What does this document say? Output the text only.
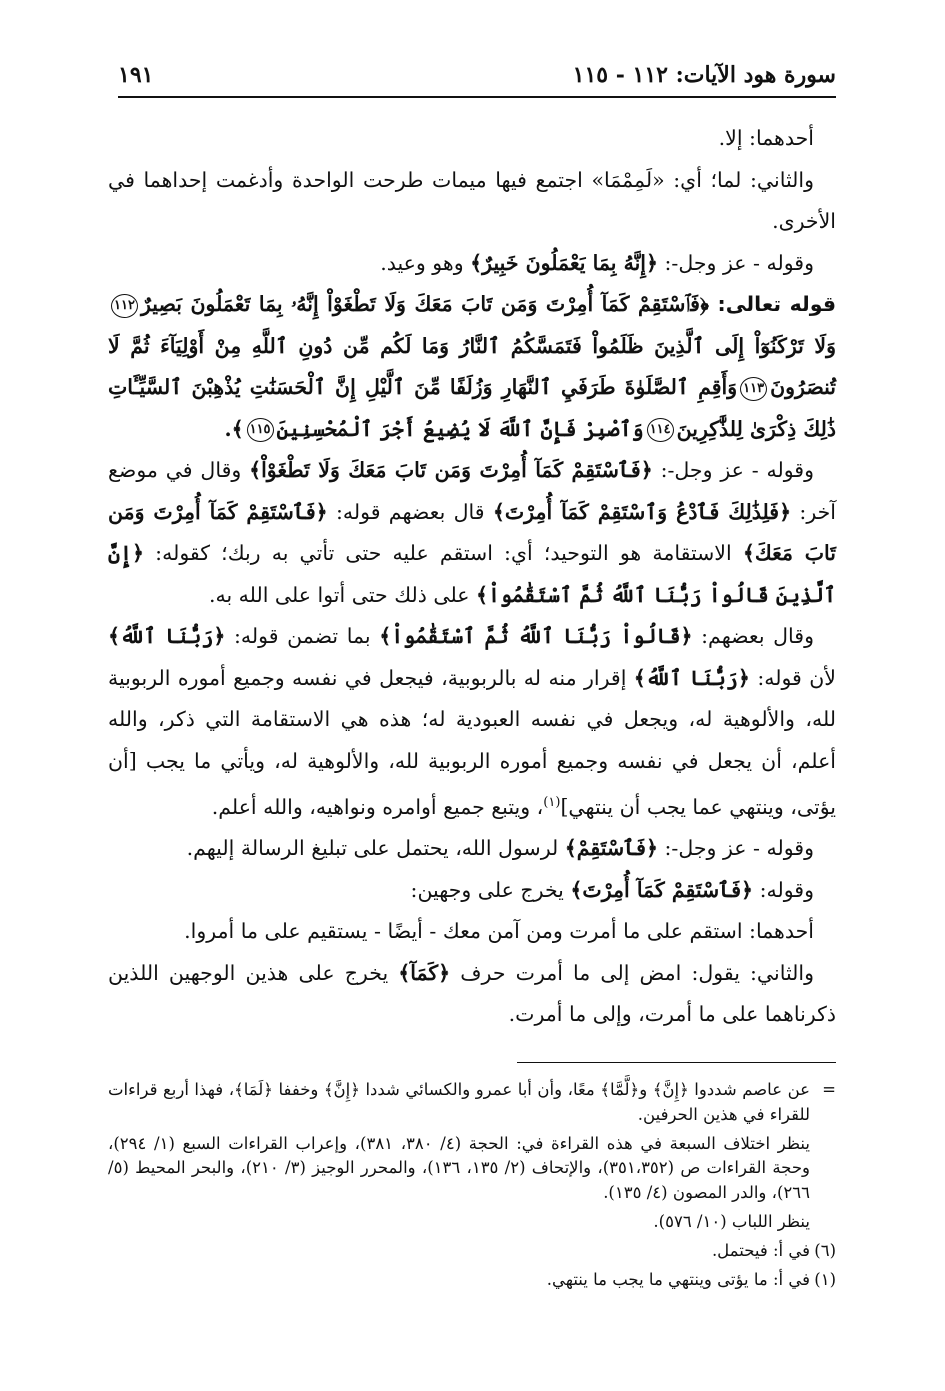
سورة هود الآيات: ١١٢ - ١١٥
١٩١

أحدهما: إلا.

والثاني: لما؛ أي: «لَمِمْمَا» اجتمع فيها ميمات طرحت الواحدة وأدغمت إحداهما في الأخرى.

وقوله - عز وجل-: ﴿إِنَّهُ بِمَا يَعْمَلُونَ خَبِيرٌ﴾ وهو وعيد.

قوله تعالى: ﴿فَٱسْتَقِمْ كَمَآ أُمِرْتَ وَمَن تَابَ مَعَكَ وَلَا تَطْغَوْاْ إِنَّهُۥ بِمَا تَعْمَلُونَ بَصِيرٌ١١٢وَلَا تَرْكَنُوٓاْ إِلَى ٱلَّذِينَ ظَلَمُواْ فَتَمَسَّكُمُ ٱلنَّارُ وَمَا لَكُم مِّن دُونِ ٱللَّهِ مِنْ أَوْلِيَآءَ ثُمَّ لَا تُنصَرُونَ١١٣وَأَقِمِ ٱلصَّلَوٰةَ طَرَفَيِ ٱلنَّهَارِ وَزُلَفًا مِّنَ ٱلَّيْلِ إِنَّ ٱلْحَسَنَٰتِ يُذْهِبْنَ ٱلسَّيِّـَٔاتِ ذَٰلِكَ ذِكْرَىٰ لِلذَّٰكِرِينَ١١٤وَٱصْبِرْ فَإِنَّ ٱللَّهَ لَا يُضِيعُ أَجْرَ ٱلْمُحْسِنِينَ١١٥﴾.

وقوله - عز وجل-: ﴿فَٱسْتَقِمْ كَمَآ أُمِرْتَ وَمَن تَابَ مَعَكَ وَلَا تَطْغَوْاْ﴾ وقال في موضع آخر: ﴿فَلِذَٰلِكَ فَٱدْعُ وَٱسْتَقِمْ كَمَآ أُمِرْتَ﴾ قال بعضهم قوله: ﴿فَٱسْتَقِمْ كَمَآ أُمِرْتَ وَمَن تَابَ مَعَكَ﴾ الاستقامة هو التوحيد؛ أي: استقم عليه حتى تأتي به ربك؛ كقوله: ﴿إِنَّ ٱلَّذِينَ قَالُواْ رَبُّنَا ٱللَّهُ ثُمَّ ٱسْتَقَٰمُواْ﴾ على ذلك حتى أتوا على الله به.

وقال بعضهم: ﴿قَالُواْ رَبُّنَا ٱللَّهُ ثُمَّ ٱسْتَقَٰمُواْ﴾ بما تضمن قوله: ﴿رَبُّنَا ٱللَّهُ﴾ لأن قوله: ﴿رَبُّنَا ٱللَّهُ﴾ إقرار منه له بالربوبية، فيجعل في نفسه وجميع أموره الربوبية لله، والألوهية له، ويجعل في نفسه العبودية له؛ هذه هي الاستقامة التي ذكر، والله أعلم، أن يجعل في نفسه وجميع أموره الربوبية لله، والألوهية له، ويأتي ما يجب [أن يؤتى، وينتهي عما يجب أن ينتهي]$^{(١)}$، ويتبع جميع أوامره ونواهيه، والله أعلم.

وقوله - عز وجل-: ﴿فَٱسْتَقِمْ﴾ لرسول الله، يحتمل على تبليغ الرسالة إليهم.

وقوله: ﴿فَٱسْتَقِمْ كَمَآ أُمِرْتَ﴾ يخرج على وجهين:

أحدهما: استقم على ما أمرت ومن آمن معك - أيضًا - يستقيم على ما أمروا.

والثاني: يقول: امض إلى ما أمرت حرف ﴿كَمَآ﴾ يخرج على هذين الوجهين اللذين ذكرناهما على ما أمرت، وإلى ما أمرت.

=
عن عاصم شددوا ﴿إِنَّ﴾ و﴿لَّمَّا﴾ معًا، وأن أبا عمرو والكسائي شددا ﴿إِنَّ﴾ وخففا ﴿لَمَا﴾، فهذا أربع قراءات للقراء في هذين الحرفين.

ينظر اختلاف السبعة في هذه القراءة في: الحجة (٤/ ٣٨٠، ٣٨١)، وإعراب القراءات السبع (١/ ٢٩٤)، وحجة القراءات ص (٣٥١،٣٥٢)، والإتحاف (٢/ ١٣٥، ١٣٦)، والمحرر الوجيز (٣/ ٢١٠)، والبحر المحيط (٥/ ٢٦٦)، والدر المصون (٤/ ١٣٥).

ينظر اللباب (١٠/ ٥٧٦).

(٦)في أ: فيحتمل.

(١)في أ: ما يؤتى وينتهي ما يجب ما ينتهي.
